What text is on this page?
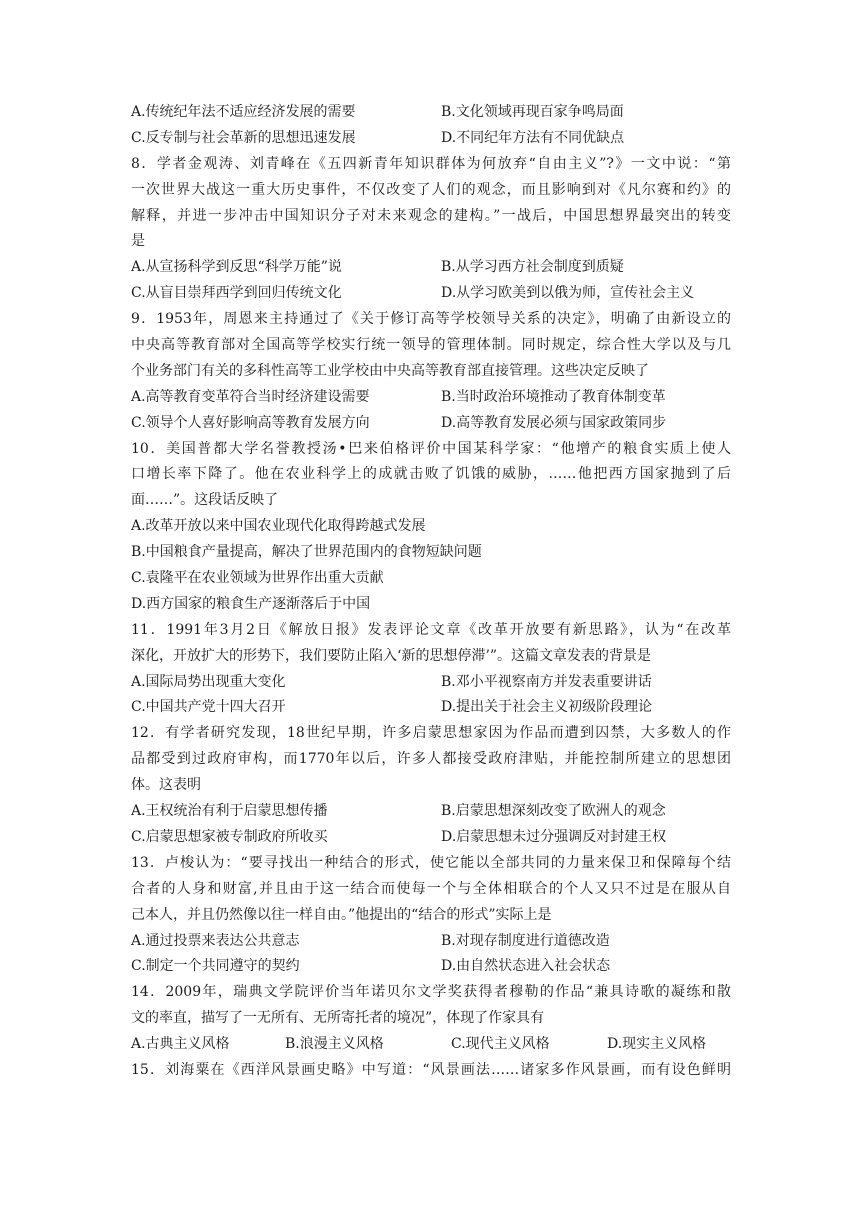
A.传统纪年法不适应经济发展的需要	B.文化领域再现百家争鸣局面
C.反专制与社会革新的思想迅速发展	D.不同纪年方法有不同优缺点
8．学者金观涛、刘青峰在《五四新青年知识群体为何放弃“自由主义”?》一文中说：“第
一次世界大战这一重大历史事件，不仅改变了人们的观念，而且影响到对《凡尔赛和约》的
解释，并进一步冲击中国知识分子对未来观念的建构。”一战后，中国思想界最突出的转变
是
A.从宣扬科学到反思“科学万能”说	B.从学习西方社会制度到质疑
C.从盲目崇拜西学到回归传统文化	D.从学习欧美到以俄为师，宣传社会主义
9．1953年，周恩来主持通过了《关于修订高等学校领导关系的决定》，明确了由新设立的
中央高等教育部对全国高等学校实行统一领导的管理体制。同时规定，综合性大学以及与几
个业务部门有关的多科性高等工业学校由中央高等教育部直接管理。这些决定反映了
A.高等教育变革符合当时经济建设需要	B.当时政治环境推动了教育体制变革
C.领导个人喜好影响高等教育发展方向	D.高等教育发展必须与国家政策同步
10．美国普都大学名誉教授汤•巴来伯格评价中国某科学家：“他增产的粮食实质上使人
口增长率下降了。他在农业科学上的成就击败了饥饿的威胁，……他把西方国家抛到了后
面……”。这段话反映了
A.改革开放以来中国农业现代化取得跨越式发展
B.中国粮食产量提高，解决了世界范围内的食物短缺问题
C.袁隆平在农业领域为世界作出重大贡献
D.西方国家的粮食生产逐渐落后于中国
11．1991年3月2日《解放日报》发表评论文章《改革开放要有新思路》，认为“在改革
深化，开放扩大的形势下，我们要防止陷入‘新的思想停滞’”。这篇文章发表的背景是
A.国际局势出现重大变化	B.邓小平视察南方并发表重要讲话
C.中国共产党十四大召开	D.提出关于社会主义初级阶段理论
12．有学者研究发现，18世纪早期，许多启蒙思想家因为作品而遭到囚禁，大多数人的作
品都受到过政府审构，而1770年以后，许多人都接受政府津贴，并能控制所建立的思想团
体。这表明
A.王权统治有利于启蒙思想传播	B.启蒙思想深刻改变了欧洲人的观念
C.启蒙思想家被专制政府所收买	D.启蒙思想未过分强调反对封建王权
13．卢梭认为：“要寻找出一种结合的形式，使它能以全部共同的力量来保卫和保障每个结
合者的人身和财富,并且由于这一结合而使每一个与全体相联合的个人又只不过是在服从自
己本人，并且仍然像以往一样自由。”他提出的“结合的形式”实际上是
A.通过投票来表达公共意志	B.对现存制度进行道德改造
C.制定一个共同遵守的契约	D.由自然状态进入社会状态
14．2009年，瑞典文学院评价当年诺贝尔文学奖获得者穆勒的作品“兼具诗歌的凝练和散
文的率直，描写了一无所有、无所寄托者的境况”，体现了作家具有
A.古典主义风格	B.浪漫主义风格	C.现代主义风格	D.现实主义风格
15．刘海粟在《西洋风景画史略》中写道：“风景画法……诸家多作风景画，而有设色鲜明
